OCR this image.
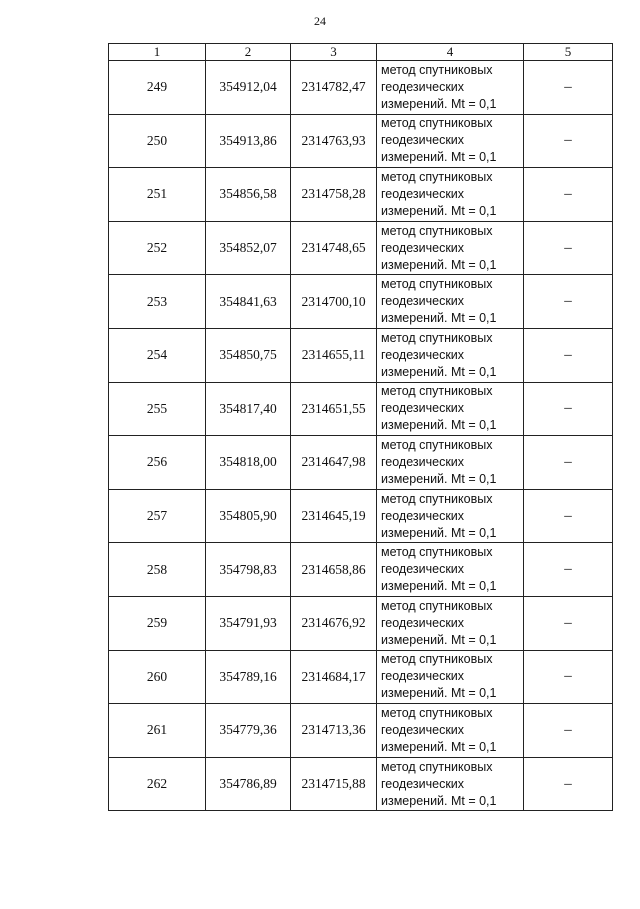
24
1	2	3	4	5
249	354912,04	2314782,47	метод спутниковых
геодезических
измерений. Mt = 0,1	–
250	354913,86	2314763,93	метод спутниковых
геодезических
измерений. Mt = 0,1	–
251	354856,58	2314758,28	метод спутниковых
геодезических
измерений. Mt = 0,1	–
252	354852,07	2314748,65	метод спутниковых
геодезических
измерений. Mt = 0,1	–
253	354841,63	2314700,10	метод спутниковых
геодезических
измерений. Mt = 0,1	–
254	354850,75	2314655,11	метод спутниковых
геодезических
измерений. Mt = 0,1	–
255	354817,40	2314651,55	метод спутниковых
геодезических
измерений. Mt = 0,1	–
256	354818,00	2314647,98	метод спутниковых
геодезических
измерений. Mt = 0,1	–
257	354805,90	2314645,19	метод спутниковых
геодезических
измерений. Mt = 0,1	–
258	354798,83	2314658,86	метод спутниковых
геодезических
измерений. Mt = 0,1	–
259	354791,93	2314676,92	метод спутниковых
геодезических
измерений. Mt = 0,1	–
260	354789,16	2314684,17	метод спутниковых
геодезических
измерений. Mt = 0,1	–
261	354779,36	2314713,36	метод спутниковых
геодезических
измерений. Mt = 0,1	–
262	354786,89	2314715,88	метод спутниковых
геодезических
измерений. Mt = 0,1	–
